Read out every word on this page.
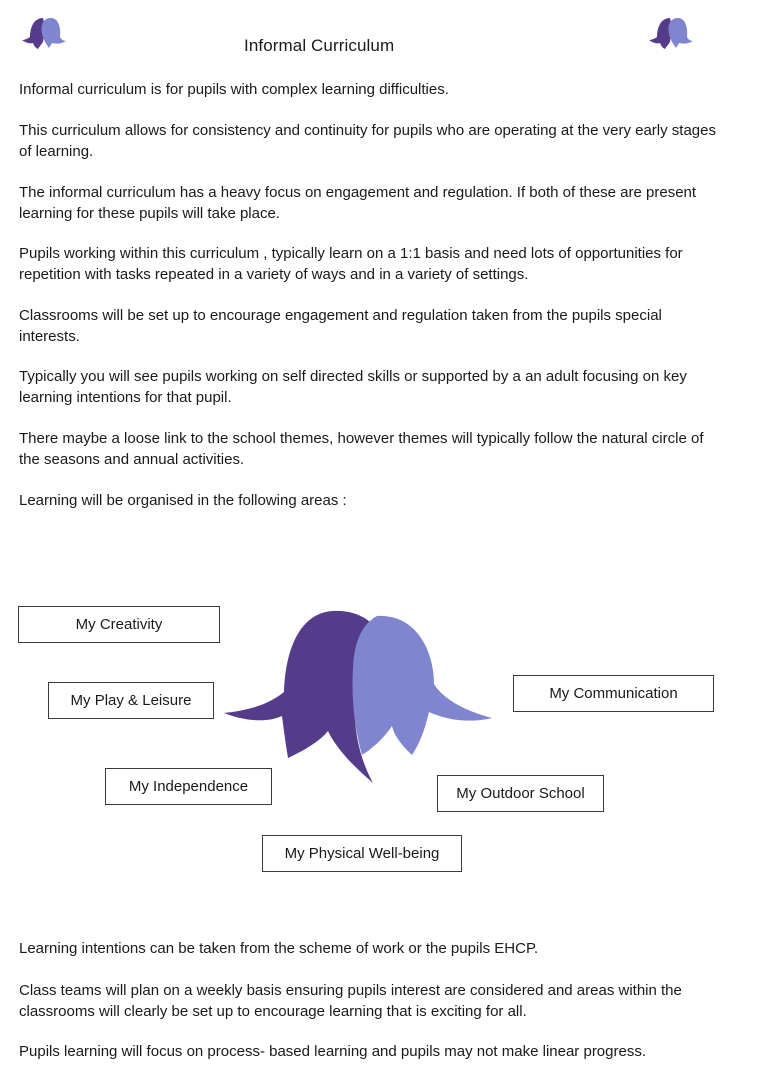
Informal Curriculum

Informal curriculum is for pupils with complex learning difficulties.

This curriculum allows for consistency and continuity for pupils who are operating at the very early stages of learning.

The informal curriculum has a heavy focus on engagement and regulation. If both of these are present learning for these pupils will take place.

Pupils working within this curriculum , typically learn on a 1:1 basis and need lots of opportunities for repetition with tasks repeated in a variety of ways and in a variety of settings.

Classrooms will be set up to encourage engagement and regulation taken from the pupils special interests.

Typically you will see pupils working on self directed skills or supported by a an adult focusing on key learning intentions for that pupil.

There maybe a loose link to the school themes, however themes will typically follow the natural circle of the seasons and annual activities.

Learning will be organised in the following areas :

My Creativity
My Play & Leisure	My Communication
My Independence	My Outdoor School
My Physical Well-being

Learning intentions can be taken from the scheme of work or the pupils EHCP.

Class teams will plan on a weekly basis ensuring pupils interest are considered and areas within the classrooms will clearly be set up to encourage learning that is exciting for all.

Pupils learning will focus on process- based learning and pupils may not make linear progress.
